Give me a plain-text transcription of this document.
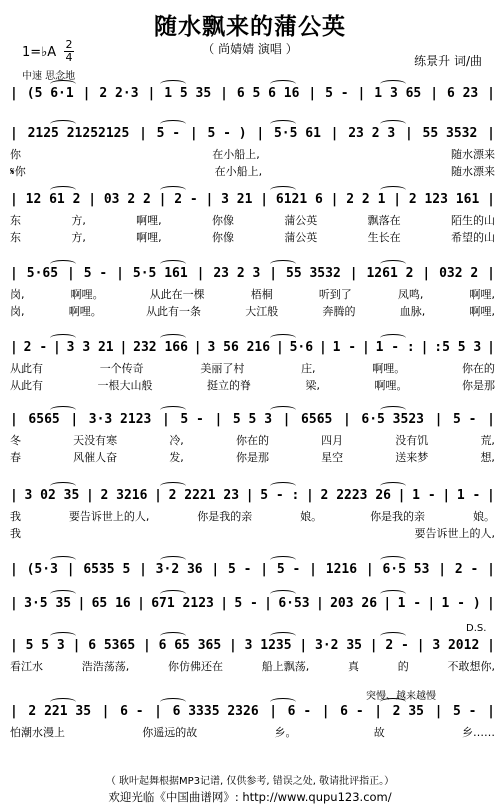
随水飘来的蒲公英
（ 尚婧婧 演唱 ）
1=♭A
2
4
中速 思念地
练景升 词/曲
| (5 6·1 | 2 2·3 | 1 5 35 | 6 5 6 16 | 5 - | 1 3 65 | 6 23 |
| 2125 21252125 | 5 - | 5 - ) | 5·5 61 | 23 2 3 | 55 3532 |
你	在小船上,	随水漂来
𝄋你	在小船上,	随水漂来
| 12 61 2 | 03 2 2 | 2 - | 3 21 | 6121 6 | 2 2 1 | 2 123 161 |
东	方,	啊哩,	你像	蒲公英	飘落在	陌生的山
东	方,	啊哩,	你像	蒲公英	生长在	希望的山
| 5·65 | 5 - | 5·5 161 | 23 2 3 | 55 3532 | 1261 2 | 032 2 |
岗,	啊哩。	从此在一棵	梧桐	听到了	凤鸣,	啊哩,
岗,	啊哩。	从此有一条	大江般	奔腾的	血脉,	啊哩,
| 2 - | 3 3 21 | 232 166 | 3 56 216 | 5·6 | 1 - | 1 - : | :5 5 3 |
从此有	一个传奇	美丽了村	庄,	啊哩。	你在的
从此有	一根大山般	挺立的脊	梁,	啊哩。	你是那
| 6565 | 3·3 2123 | 5 - | 5 5 3 | 6565 | 6·5 3523 | 5 - |
冬	天没有寒	冷,	你在的	四月	没有饥	荒,
春	风催人奋	发,	你是那	星空	送来梦	想,
| 3 02 35 | 2 3216 | 2 2221 23 | 5 - : | 2 2223 26 | 1 - | 1 - |
我	要告诉世上的人,	你是我的亲	娘。	你是我的亲	娘。
我	要告诉世上的人,
| (5·3 | 6535 5 | 3·2 36 | 5 - | 5 - | 1216 | 6·5 53 | 2 - |
| 3·5 35 | 65 16 | 671 2123 | 5 - | 6·53 | 203 26 | 1 - | 1 - ) |
| 5 5 3 | 6 5365 | 6 65 365 | 3 1235 | 3·2 35 | 2 - | 3 2012 |
看江水	浩浩荡荡,	你仿佛还在	船上飘荡,	真	的	不敢想你,
| 2 221 35 | 6 - | 6 3335 2326 | 6 - | 6 - | 2 35 | 5 - |
怕潮水漫上	你遥远的故	乡。	故	乡……
D.S.
突慢、越来越慢
（ 耿叶起舞根据MP3记谱, 仅供参考, 错误之处, 敬请批评指正。）
欢迎光临《中国曲谱网》: http://www.qupu123.com/
